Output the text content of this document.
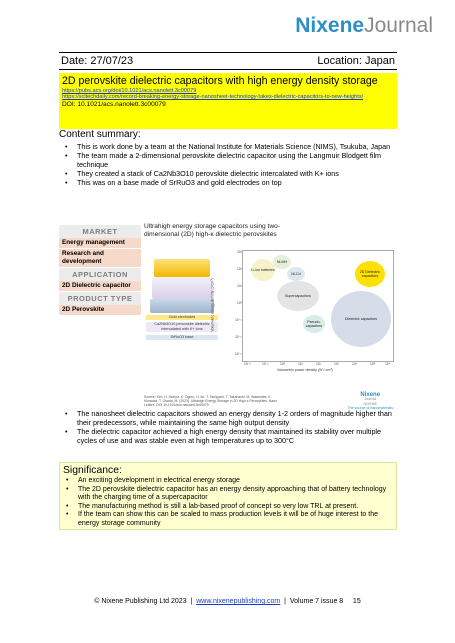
NixeneJournal
Date: 27/07/23	Location: Japan
2D perovskite dielectric capacitors with high energy density storage
https://pubs.acs.org/doi/10.1021/acs.nanolett.3c00079
https://scitechdaily.com/record-breaking-energy-storage-nanosheet-technology-takes-dielectric-capacitors-to-new-heights/
DOI: 10.1021/acs.nanolett.3c00079
Content summary:
• This is work done by a team at the National Institute for Materials Science (NIMS), Tsukuba, Japan
• The team made a 2-dimensional perovskite dielectric capacitor using the Langmuir Blodgett film technique
• They created a stack of Ca2Nb3O10 perovskite dielectric intercalated with K+ ions
• This was on a base made of SrRuO3 and gold electrodes on top
MARKET
Energy management
Research and development
APPLICATION
2D Dielectric capacitor
PRODUCT TYPE
2D Perovskite
Ultrahigh energy storage capacitors using two-dimensional (2D) high-κ dielectric perovskites
Gold electrodes
Ca2Nb3O10 perovskite dielectric intercalated with K+ ions
SrRuO3 base
Li-ion batteries
Ni-MH
Ni-Cd
Supercapacitors
Pseudo-capacitors
Dielectric capacitors
2D Dielectric capacitors
10³
10²
10¹
10⁰
10⁻¹
10⁻²
10⁻³
10⁻²	10⁻¹	10⁰	10¹	10²	10³	10⁴	10⁵	10⁶
Volumetric energy density (J/cm³)
Volumetric power density (W / cm³)
Source: Kim, H. Moriya, K. Oguro, H. Ito, T. Taniguchi, T. Takahashi, M. Watanabe, K. Muraoka, T. Osada, M. (2023). Ultrahigh Energy Storage in 2D High-κ Perovskites. Nano Letters. DOI 10.1021/acs.nanolett.3c00079
Nixene
Journal
NIXENE
The source of nanomaterials
• The nanosheet dielectric capacitors showed an energy density 1-2 orders of magnitude higher than their predecessors, while maintaining the same high output density
• The dielectric capacitor achieved a high energy density that maintained its stability over multiple cycles of use and was stable even at high temperatures up to 300°C
Significance:
• An exciting development in electrical energy storage
• The 2D perovskite dielectric capacitor has an energy density approaching that of battery technology with the charging time of a supercapacitor
• The manufacturing method is still a lab-based proof of concept so very low TRL at present.
• If the team can show this can be scaled to mass production levels it will be of huge interest to the energy storage community
© Nixene Publishing Ltd 2023 | www.nixenepublishing.com | Volume 7 issue 8 15
